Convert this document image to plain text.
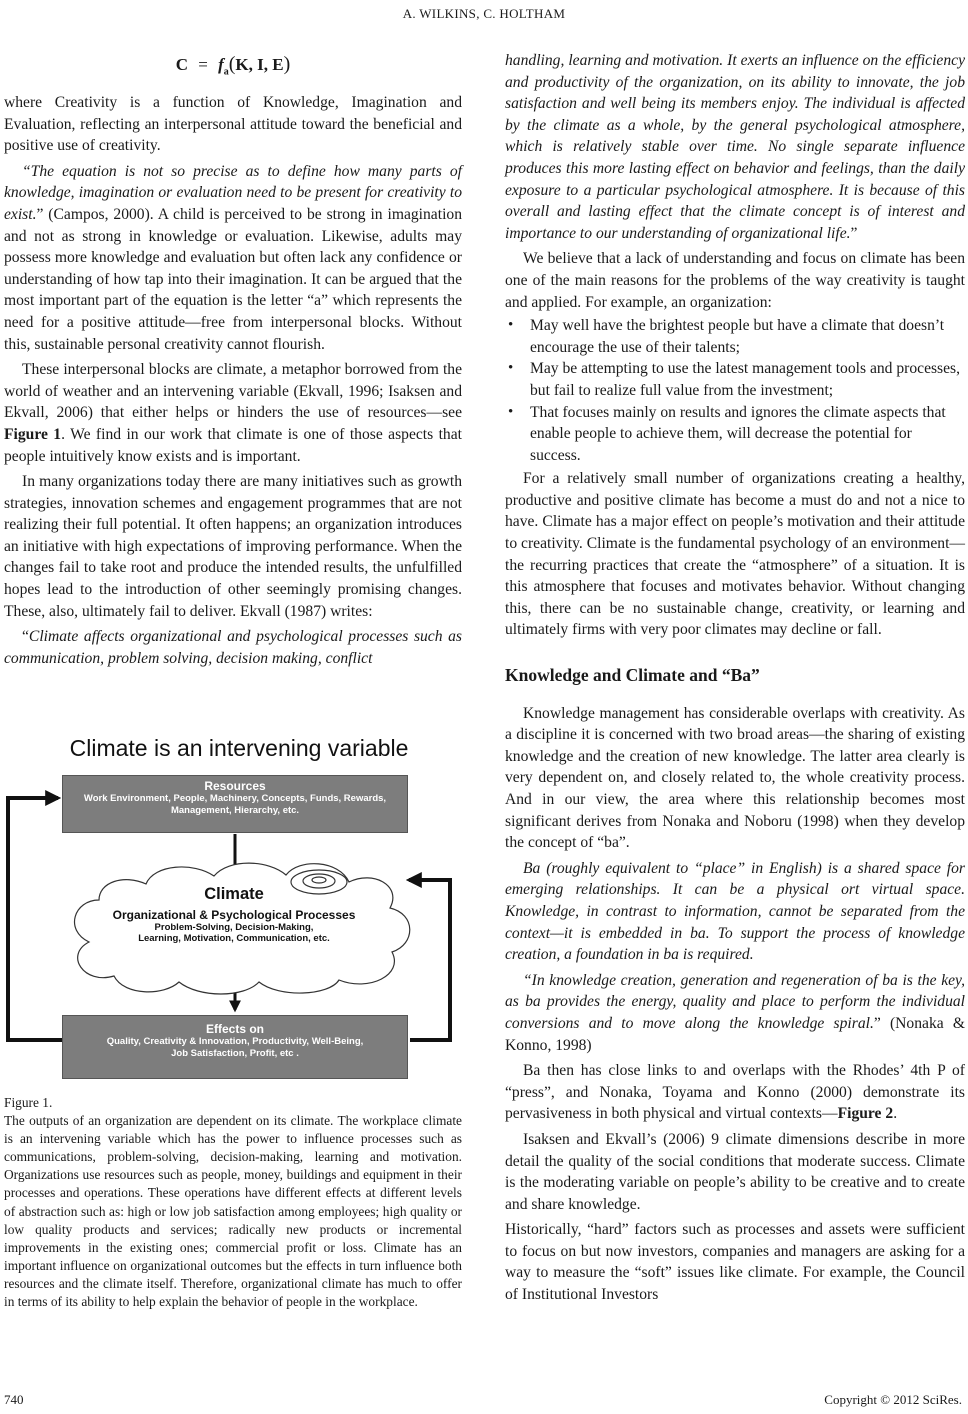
A. WILKINS, C. HOLTHAM
$C = f_a(K$, I, E)

where Creativity is a function of Knowledge, Imagination and Evaluation, reflecting an interpersonal attitude toward the beneficial and positive use of creativity.

“The equation is not so precise as to define how many parts of knowledge, imagination or evaluation need to be present for creativity to exist.” (Campos, 2000). A child is perceived to be strong in imagination and not as strong in knowledge or evaluation. Likewise, adults may possess more knowledge and evaluation but often lack any confidence or understanding of how tap into their imagination. It can be argued that the most important part of the equation is the letter “a” which represents the need for a positive attitude—free from interpersonal blocks. Without this, sustainable personal creativity cannot flourish.

These interpersonal blocks are climate, a metaphor borrowed from the world of weather and an intervening variable (Ekvall, 1996; Isaksen and Ekvall, 2006) that either helps or hinders the use of resources—see Figure 1. We find in our work that climate is one of those aspects that people intuitively know exists and is important.

In many organizations today there are many initiatives such as growth strategies, innovation schemes and engagement programmes that are not realizing their full potential. It often happens; an organization introduces an initiative with high expectations of improving performance. When the changes fail to take root and produce the intended results, the unfulfilled hopes lead to the introduction of other seemingly promising changes. These, also, ultimately fail to deliver. Ekvall (1987) writes:

“Climate affects organizational and psychological processes such as communication, problem solving, decision making, conflict

Climate is an intervening variable
Resources
Work Environment, People, Machinery, Concepts, Funds, Rewards, Management, Hierarchy, etc.
Climate
Organizational & Psychological Processes
Problem-Solving, Decision-Making,
Learning, Motivation, Communication, etc.
Effects on
Quality, Creativity & Innovation, Productivity, Well-Being, Job Satisfaction, Profit, etc .
Figure 1.
The outputs of an organization are dependent on its climate. The workplace climate is an intervening variable which has the power to influence processes such as communications, problem-solving, decision-making, learning and motivation. Organizations use resources such as people, money, buildings and equipment in their processes and operations. These operations have different effects at different levels of abstraction such as: high or low job satisfaction among employees; high quality or low quality products and services; radically new products or incremental improvements in the existing ones; commercial profit or loss. Climate has an important influence on organizational outcomes but the effects in turn influence both resources and the climate itself. Therefore, organizational climate has much to offer in terms of its ability to help explain the behavior of people in the workplace.

handling, learning and motivation. It exerts an influence on the efficiency and productivity of the organization, on its ability to innovate, the job satisfaction and well being its members enjoy. The individual is affected by the climate as a whole, by the general psychological atmosphere, which is relatively stable over time. No single separate influence produces this more lasting effect on behavior and feelings, than the daily exposure to a particular psychological atmosphere. It is because of this overall and lasting effect that the climate concept is of interest and importance to our understanding of organizational life.”

We believe that a lack of understanding and focus on climate has been one of the main reasons for the problems of the way creativity is taught and applied. For example, an organization:

• May well have the brightest people but have a climate that doesn’t encourage the use of their talents;
• May be attempting to use the latest management tools and processes, but fail to realize full value from the investment;
• That focuses mainly on results and ignores the climate aspects that enable people to achieve them, will decrease the potential for success.

For a relatively small number of organizations creating a healthy, productive and positive climate has become a must do and not a nice to have. Climate has a major effect on people’s motivation and their attitude to creativity. Climate is the fundamental psychology of an environment—the recurring practices that create the “atmosphere” of a situation. It is this atmosphere that focuses and motivates behavior. Without changing this, there can be no sustainable change, creativity, or learning and ultimately firms with very poor climates may decline or fall.

Knowledge and Climate and “Ba”

Knowledge management has considerable overlaps with creativity. As a discipline it is concerned with two broad areas—the sharing of existing knowledge and the creation of new knowledge. The latter area clearly is very dependent on, and closely related to, the whole creativity process. And in our view, the area where this relationship becomes most significant derives from Nonaka and Noboru (1998) when they develop the concept of “ba”.

Ba (roughly equivalent to “place” in English) is a shared space for emerging relationships. It can be a physical ort virtual space. Knowledge, in contrast to information, cannot be separated from the context—it is embedded in ba. To support the process of knowledge creation, a foundation in ba is required.

“In knowledge creation, generation and regeneration of ba is the key, as ba provides the energy, quality and place to perform the individual conversions and to move along the knowledge spiral.” (Nonaka & Konno, 1998)

Ba then has close links to and overlaps with the Rhodes’ 4th P of “press”, and Nonaka, Toyama and Konno (2000) demonstrate its pervasiveness in both physical and virtual contexts—Figure 2.

Isaksen and Ekvall’s (2006) 9 climate dimensions describe in more detail the quality of the social conditions that moderate success. Climate is the moderating variable on people’s ability to be creative and to create and share knowledge.

Historically, “hard” factors such as processes and assets were sufficient to focus on but now investors, companies and managers are asking for a way to measure the “soft” issues like climate. For example, the Council of Institutional Investors

740	Copyright © 2012 SciRes.
